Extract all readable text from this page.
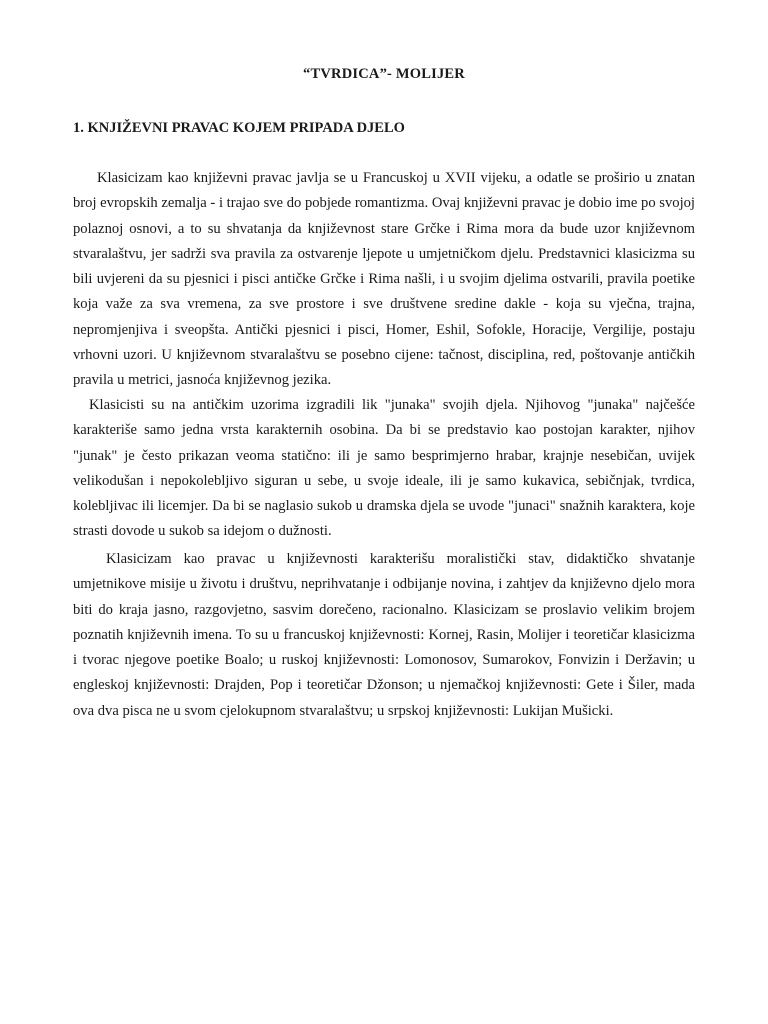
“TVRDICA”- MOLIJER
1. KNJIŽEVNI PRAVAC KOJEM PRIPADA DJELO

Klasicizam kao književni pravac javlja se u Francuskoj u XVII vijeku, a odatle se proširio u znatan broj evropskih zemalja - i trajao sve do pobjede romantizma. Ovaj književni pravac je dobio ime po svojoj polaznoj osnovi, a to su shvatanja da književnost stare Grčke i Rima mora da bude uzor književnom stvaralaštvu, jer sadrži sva pravila za ostvarenje ljepote u umjetničkom djelu. Predstavnici klasicizma su bili uvjereni da su pjesnici i pisci antičke Grčke i Rima našli, i u svojim djelima ostvarili, pravila poetike koja važe za sva vremena, za sve prostore i sve društvene sredine dakle - koja su vječna, trajna, nepromjenjiva i sveopšta. Antički pjesnici i pisci, Homer, Eshil, Sofokle, Horacije, Vergilije, postaju vrhovni uzori. U književnom stvaralaštvu se posebno cijene: tačnost, disciplina, red, poštovanje antičkih pravila u metrici, jasnoća književnog jezika.

Klasicisti su na antičkim uzorima izgradili lik "junaka" svojih djela. Njihovog "junaka" najčešće karakteriše samo jedna vrsta karakternih osobina. Da bi se predstavio kao postojan karakter, njihov "junak" je često prikazan veoma statično: ili je samo besprimjerno hrabar, krajnje nesebičan, uvijek velikodušan i nepokolebljivo siguran u sebe, u svoje ideale, ili je samo kukavica, sebičnjak, tvrdica, kolebljivac ili licemjer. Da bi se naglasio sukob u dramska djela se uvode "junaci" snažnih karaktera, koje strasti dovode u sukob sa idejom o dužnosti.

Klasicizam kao pravac u književnosti karakterišu moralistički stav, didaktičko shvatanje umjetnikove misije u životu i društvu, neprihvatanje i odbijanje novina, i zahtjev da književno djelo mora biti do kraja jasno, razgovjetno, sasvim dorečeno, racionalno. Klasicizam se proslavio velikim brojem poznatih književnih imena. To su u francuskoj književnosti: Kornej, Rasin, Molijer i teoretičar klasicizma i tvorac njegove poetike Boalo; u ruskoj književnosti: Lomonosov, Sumarokov, Fonvizin i Deržavin; u engleskoj književnosti: Drajden, Pop i teoretičar Džonson; u njemačkoj književnosti: Gete i Šiler, mada ova dva pisca ne u svom cjelokupnom stvaralaštvu; u srpskoj književnosti: Lukijan Mušicki.
